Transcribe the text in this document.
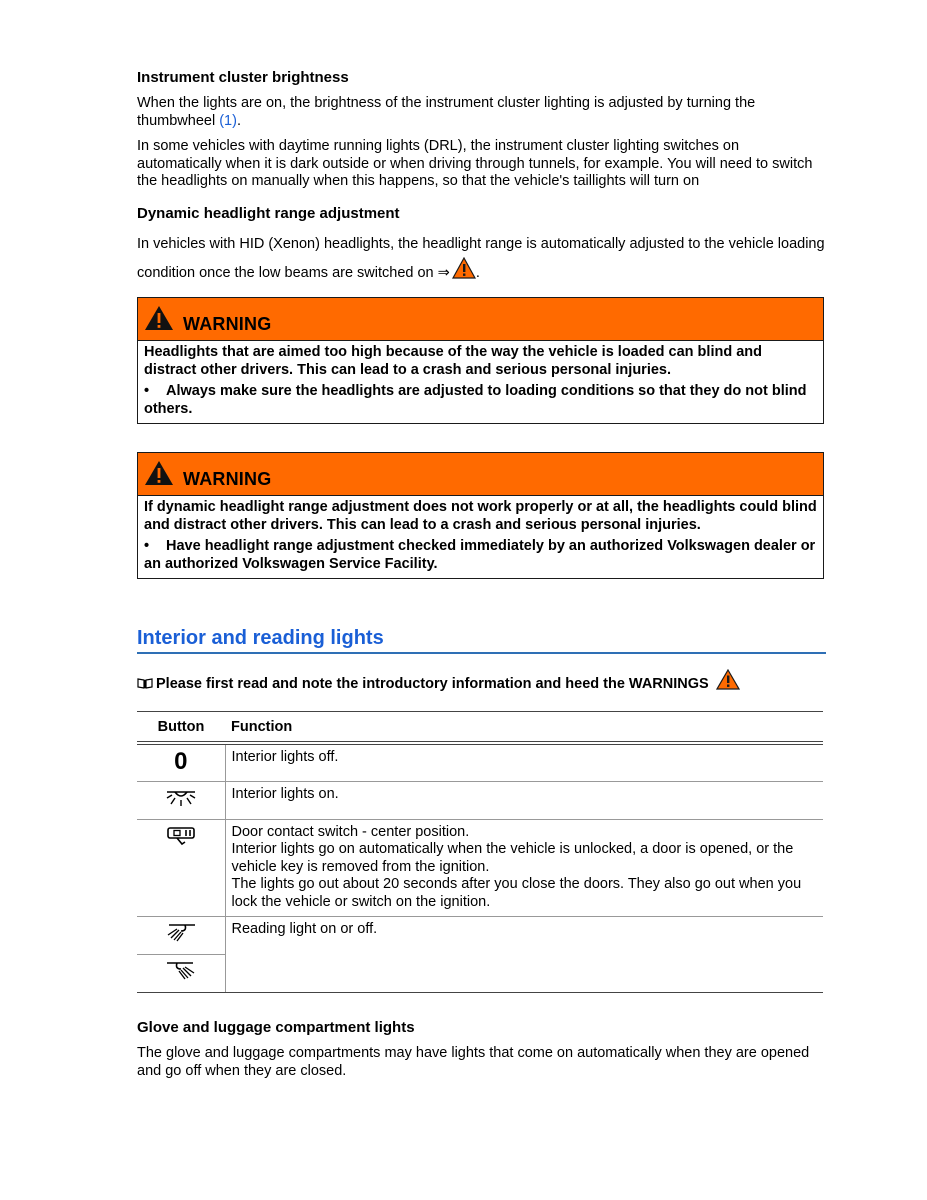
Instrument cluster brightness

When the lights are on, the brightness of the instrument cluster lighting is adjusted by turning the thumbwheel (1).

In some vehicles with daytime running lights (DRL), the instrument cluster lighting switches on automatically when it is dark outside or when driving through tunnels, for example. You will need to switch the headlights on manually when this happens, so that the vehicle's taillights will turn on

Dynamic headlight range adjustment

In vehicles with HID (Xenon) headlights, the headlight range is automatically adjusted to the vehicle loading condition once the low beams are switched on ⇒ .

WARNING

Headlights that are aimed too high because of the way the vehicle is loaded can blind and distract other drivers. This can lead to a crash and serious personal injuries.

• Always make sure the headlights are adjusted to loading conditions so that they do not blind others.

WARNING

If dynamic headlight range adjustment does not work properly or at all, the headlights could blind and distract other drivers. This can lead to a crash and serious personal injuries.

• Have headlight range adjustment checked immediately by an authorized Volkswagen dealer or an authorized Volkswagen Service Facility.

Interior and reading lights

Please first read and note the introductory information and heed the WARNINGS

Button	Function
0	Interior lights off.
	Interior lights on.

Door contact switch - center position.
Interior lights go on automatically when the vehicle is unlocked, a door is opened, or the vehicle key is removed from the ignition.
The lights go out about 20 seconds after you close the doors. They also go out when you lock the vehicle or switch on the ignition.

	Reading light on or off.

Glove and luggage compartment lights

The glove and luggage compartments may have lights that come on automatically when they are opened and go off when they are closed.
